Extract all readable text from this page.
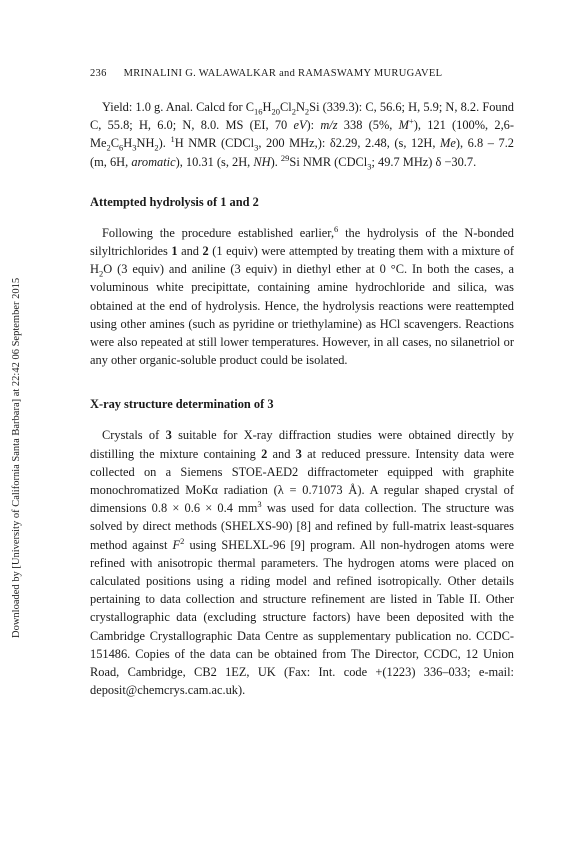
236 MRINALINI G. WALAWALKAR and RAMASWAMY MURUGAVEL
Downloaded by [University of California Santa Barbara] at 22:42 06 September 2015

Yield: 1.0 g. Anal. Calcd for $C_{16}H_{20}Cl_2N_2Si$ (339.3): C, 56.6; H, 5.9; N, 8.2. Found C, 55.8; H, 6.0; N, 8.0. MS (EI, 70 eV): m/z 338 (5%, M+), 121 (100%, $2,6-Me_2C_6H_3NH_2$). $^1$H NMR (CDCl$_3$, 200 MHz,): δ2.29, 2.48, (s, 12H, Me), 6.8 – 7.2 (m, 6H, aromatic), 10.31 (s, 2H, NH). $^{29}$Si NMR (CDCl$_3$; 49.7 MHz) δ −30.7.

Attempted hydrolysis of 1 and 2

Following the procedure established earlier,$^6$ the hydrolysis of the N-bonded silyltrichlorides 1 and 2 (1 equiv) were attempted by treating them with a mixture of $H_2O$ (3 equiv) and aniline (3 equiv) in diethyl ether at 0 °C. In both the cases, a voluminous white precipittate, containing amine hydrochloride and silica, was obtained at the end of hydrolysis. Hence, the hydrolysis reactions were reattempted using other amines (such as pyridine or triethylamine) as HCl scavengers. Reactions were also repeated at still lower temperatures. However, in all cases, no silanetriol or any other organic-soluble product could be isolated.

X-ray structure determination of 3

Crystals of 3 suitable for X-ray diffraction studies were obtained directly by distilling the mixture containing 2 and 3 at reduced pressure. Intensity data were collected on a Siemens STOE-AED2 diffractometer equipped with graphite monochromatized MoKα radiation (λ = 0.71073 Å). A regular shaped crystal of dimensions 0.8 × 0.6 × 0.4 $mm^3$ was used for data collection. The structure was solved by direct methods (SHELXS-90) [8] and refined by full-matrix least-squares method against $F^2$ using SHELXL-96 [9] program. All non-hydrogen atoms were refined with anisotropic thermal parameters. The hydrogen atoms were placed on calculated positions using a riding model and refined isotropically. Other details pertaining to data collection and structure refinement are listed in Table II. Other crystallographic data (excluding structure factors) have been deposited with the Cambridge Crystallographic Data Centre as supplementary publication no. CCDC-151486. Copies of the data can be obtained from The Director, CCDC, 12 Union Road, Cambridge, CB2 1EZ, UK (Fax: Int. code +(1223) 336–033; e-mail: deposit@chemcrys.cam.ac.uk).
